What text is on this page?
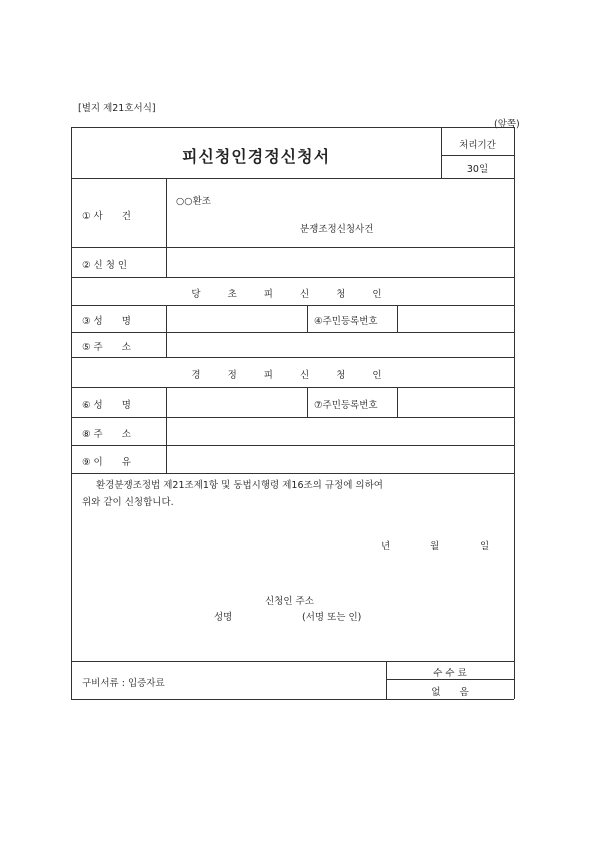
[별지 제21호서식]
(앞쪽)
피신청인경정신청서
처리기간
30일
① 사　　건
○○환조
분쟁조정신청사건
② 신 청 인
당 초 피 신 청 인
③ 성　　명	④주민등록번호
⑤ 주　　소
경 정 피 신 청 인
⑥ 성　　명	⑦주민등록번호
⑧ 주　　소
⑨ 이　　유
환경분쟁조정법 제21조제1항 및 동법시행령 제16조의 규정에 의하여
위와 같이 신청합니다.
년	월	일
신청인 주소
성명	(서명 또는 인)
구비서류 : 입증자료
수 수 료
없　　음
